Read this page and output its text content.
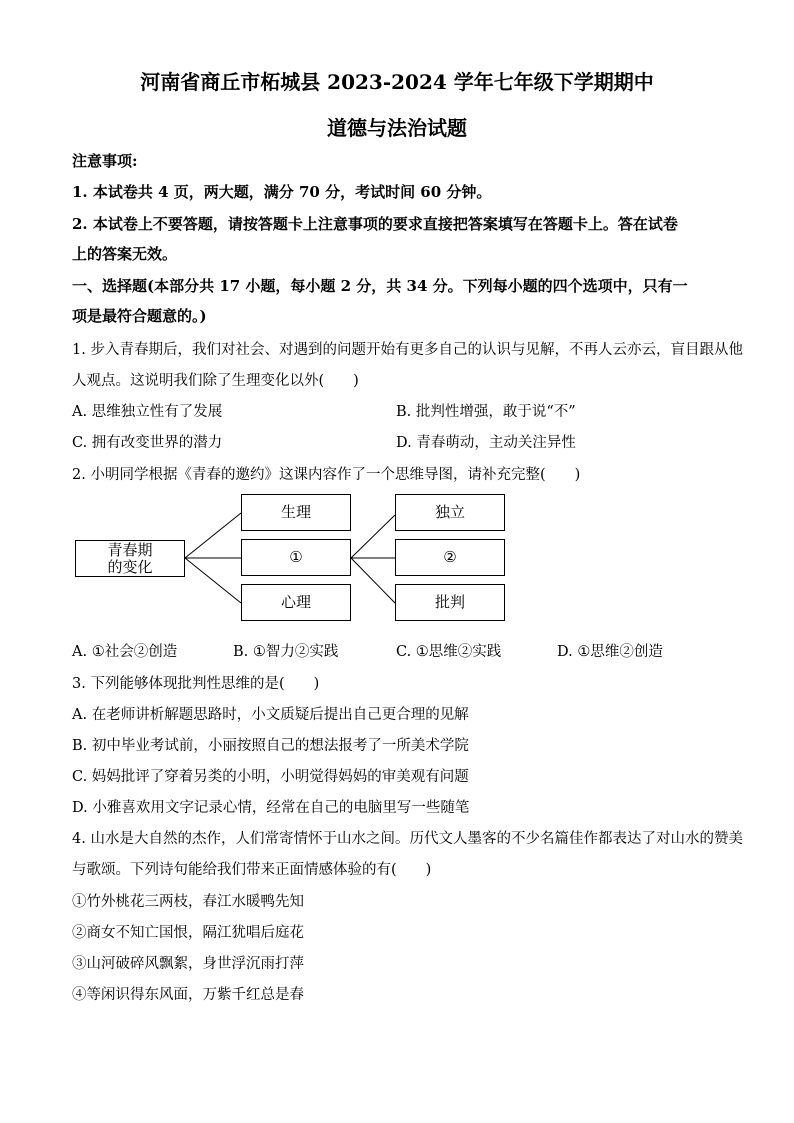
河南省商丘市柘城县 2023-2024 学年七年级下学期期中
道德与法治试题
注意事项:
1. 本试卷共 4 页，两大题，满分 70 分，考试时间 60 分钟。
2. 本试卷上不要答题，请按答题卡上注意事项的要求直接把答案填写在答题卡上。答在试卷
上的答案无效。
一、选择题(本部分共 17 小题，每小题 2 分，共 34 分。下列每小题的四个选项中，只有一
项是最符合题意的。)
1. 步入青春期后，我们对社会、对遇到的问题开始有更多自己的认识与见解，不再人云亦云，盲目跟从他
人观点。这说明我们除了生理变化以外(　　)
A. 思维独立性有了发展	B. 批判性增强，敢于说“不”
C. 拥有改变世界的潜力	D. 青春萌动，主动关注异性
2. 小明同学根据《青春的邀约》这课内容作了一个思维导图，请补充完整(　　)
青春期
的变化
生理
①
心理
独立
②
批判
A. ①社会②创造	B. ①智力②实践	C. ①思维②实践	D. ①思维②创造
3. 下列能够体现批判性思维的是(　　)
A. 在老师讲析解题思路时，小文质疑后提出自己更合理的见解
B. 初中毕业考试前，小丽按照自己的想法报考了一所美术学院
C. 妈妈批评了穿着另类的小明，小明觉得妈妈的审美观有问题
D. 小雅喜欢用文字记录心情，经常在自己的电脑里写一些随笔
4. 山水是大自然的杰作，人们常寄情怀于山水之间。历代文人墨客的不少名篇佳作都表达了对山水的赞美
与歌颂。下列诗句能给我们带来正面情感体验的有(　　)
①竹外桃花三两枝，春江水暖鸭先知
②商女不知亡国恨，隔江犹唱后庭花
③山河破碎风飘絮，身世浮沉雨打萍
④等闲识得东风面，万紫千红总是春
